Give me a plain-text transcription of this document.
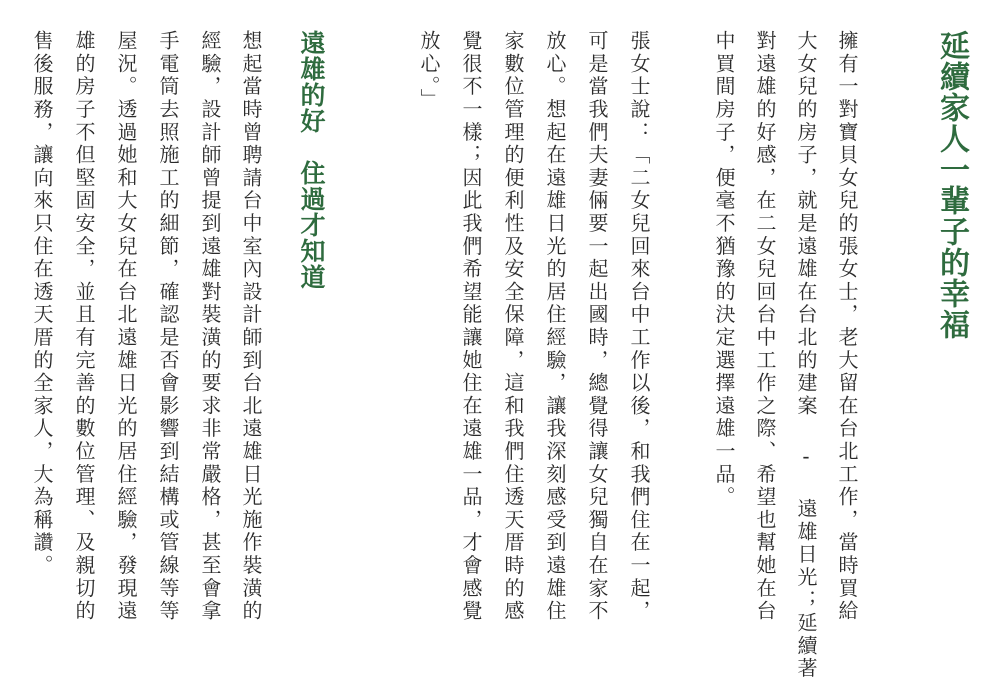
延續家人一輩子的幸福

擁有一對寶貝女兒的張女士，老大留在台北工作，當時買給

大女兒的房子，就是遠雄在台北的建案 - 遠雄日光；延續著

對遠雄的好感，在二女兒回台中工作之際、希望也幫她在台

中買間房子，便毫不猶豫的決定選擇遠雄一品。

張女士說：「二女兒回來台中工作以後，和我們住在一起，

可是當我們夫妻倆要一起出國時，總覺得讓女兒獨自在家不

放心。想起在遠雄日光的居住經驗，讓我深刻感受到遠雄住

家數位管理的便利性及安全保障，這和我們住透天厝時的感

覺很不一樣；因此我們希望能讓她住在遠雄一品，才會感覺

放心。」

遠雄的好　住過才知道

想起當時曾聘請台中室內設計師到台北遠雄日光施作裝潢的

經驗，設計師曾提到遠雄對裝潢的要求非常嚴格，甚至會拿

手電筒去照施工的細節，確認是否會影響到結構或管線等等

屋況。透過她和大女兒在台北遠雄日光的居住經驗，發現遠

雄的房子不但堅固安全，並且有完善的數位管理、及親切的

售後服務，讓向來只住在透天厝的全家人，大為稱讚。
